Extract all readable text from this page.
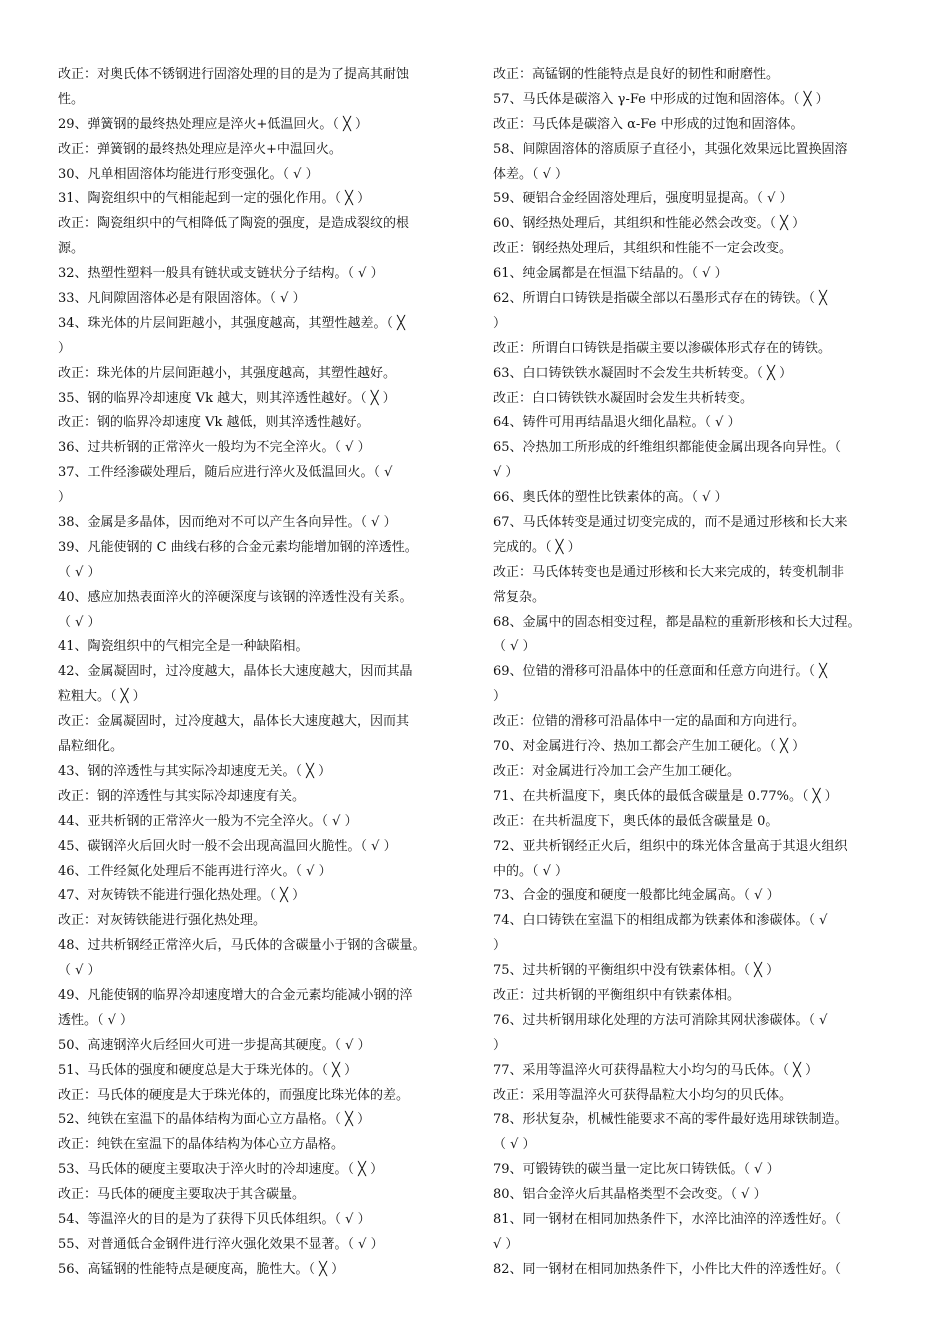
改正：对奥氏体不锈钢进行固溶处理的目的是为了提高其耐蚀
性。
29、弹簧钢的最终热处理应是淬火+低温回火。（ ╳ ）
改正：弹簧钢的最终热处理应是淬火+中温回火。
30、凡单相固溶体均能进行形变强化。（ √ ）
31、陶瓷组织中的气相能起到一定的强化作用。（ ╳ ）
改正：陶瓷组织中的气相降低了陶瓷的强度，是造成裂纹的根
源。
32、热塑性塑料一般具有链状或支链状分子结构。（ √ ）
33、凡间隙固溶体必是有限固溶体。（ √ ）
34、珠光体的片层间距越小，其强度越高，其塑性越差。（ ╳
）
改正：珠光体的片层间距越小，其强度越高，其塑性越好。
35、钢的临界冷却速度 Vk 越大，则其淬透性越好。（ ╳ ）
改正：钢的临界冷却速度 Vk 越低，则其淬透性越好。
36、过共析钢的正常淬火一般均为不完全淬火。（ √ ）
37、工件经渗碳处理后，随后应进行淬火及低温回火。（ √
）
38、金属是多晶体，因而绝对不可以产生各向异性。（ √ ）
39、凡能使钢的 C 曲线右移的合金元素均能增加钢的淬透性。
（ √ ）
40、感应加热表面淬火的淬硬深度与该钢的淬透性没有关系。
（ √ ）
41、陶瓷组织中的气相完全是一种缺陷相。
42、金属凝固时，过冷度越大，晶体长大速度越大，因而其晶
粒粗大。（ ╳ ）
改正：金属凝固时，过冷度越大，晶体长大速度越大，因而其
晶粒细化。
43、钢的淬透性与其实际冷却速度无关。（ ╳ ）
改正：钢的淬透性与其实际冷却速度有关。
44、亚共析钢的正常淬火一般为不完全淬火。（ √ ）
45、碳钢淬火后回火时一般不会出现高温回火脆性。（ √ ）
46、工件经氮化处理后不能再进行淬火。（ √ ）
47、对灰铸铁不能进行强化热处理。（ ╳ ）
改正：对灰铸铁能进行强化热处理。
48、过共析钢经正常淬火后，马氏体的含碳量小于钢的含碳量。
（ √ ）
49、凡能使钢的临界冷却速度增大的合金元素均能减小钢的淬
透性。（ √ ）
50、高速钢淬火后经回火可进一步提高其硬度。（ √ ）
51、马氏体的强度和硬度总是大于珠光体的。（ ╳ ）
改正：马氏体的硬度是大于珠光体的，而强度比珠光体的差。
52、纯铁在室温下的晶体结构为面心立方晶格。（ ╳ ）
改正：纯铁在室温下的晶体结构为体心立方晶格。
53、马氏体的硬度主要取决于淬火时的冷却速度。（ ╳ ）
改正：马氏体的硬度主要取决于其含碳量。
54、等温淬火的目的是为了获得下贝氏体组织。（ √ ）
55、对普通低合金钢件进行淬火强化效果不显著。（ √ ）
56、高锰钢的性能特点是硬度高，脆性大。（ ╳ ）
改正：高锰钢的性能特点是良好的韧性和耐磨性。
57、马氏体是碳溶入 γ-Fe 中形成的过饱和固溶体。（ ╳ ）
改正：马氏体是碳溶入 α-Fe 中形成的过饱和固溶体。
58、间隙固溶体的溶质原子直径小，其强化效果远比置换固溶
体差。（ √ ）
59、硬铝合金经固溶处理后，强度明显提高。（ √ ）
60、钢经热处理后，其组织和性能必然会改变。（ ╳ ）
改正：钢经热处理后，其组织和性能不一定会改变。
61、纯金属都是在恒温下结晶的。（ √ ）
62、所谓白口铸铁是指碳全部以石墨形式存在的铸铁。（ ╳
）
改正：所谓白口铸铁是指碳主要以渗碳体形式存在的铸铁。
63、白口铸铁铁水凝固时不会发生共析转变。（ ╳ ）
改正：白口铸铁铁水凝固时会发生共析转变。
64、铸件可用再结晶退火细化晶粒。（ √ ）
65、冷热加工所形成的纤维组织都能使金属出现各向异性。（
√ ）
66、奥氏体的塑性比铁素体的高。（ √ ）
67、马氏体转变是通过切变完成的，而不是通过形核和长大来
完成的。（ ╳ ）
改正：马氏体转变也是通过形核和长大来完成的，转变机制非
常复杂。
68、金属中的固态相变过程，都是晶粒的重新形核和长大过程。
（ √ ）
69、位错的滑移可沿晶体中的任意面和任意方向进行。（ ╳
）
改正：位错的滑移可沿晶体中一定的晶面和方向进行。
70、对金属进行冷、热加工都会产生加工硬化。（ ╳ ）
改正：对金属进行冷加工会产生加工硬化。
71、在共析温度下，奥氏体的最低含碳量是 0.77%。（ ╳ ）
改正：在共析温度下，奥氏体的最低含碳量是 0。
72、亚共析钢经正火后，组织中的珠光体含量高于其退火组织
中的。（ √ ）
73、合金的强度和硬度一般都比纯金属高。（ √ ）
74、白口铸铁在室温下的相组成都为铁素体和渗碳体。（ √
）
75、过共析钢的平衡组织中没有铁素体相。（ ╳ ）
改正：过共析钢的平衡组织中有铁素体相。
76、过共析钢用球化处理的方法可消除其网状渗碳体。（ √
）
77、采用等温淬火可获得晶粒大小均匀的马氏体。（ ╳ ）
改正：采用等温淬火可获得晶粒大小均匀的贝氏体。
78、形状复杂，机械性能要求不高的零件最好选用球铁制造。
（ √ ）
79、可锻铸铁的碳当量一定比灰口铸铁低。（ √ ）
80、铝合金淬火后其晶格类型不会改变。（ √ ）
81、同一钢材在相同加热条件下，水淬比油淬的淬透性好。（
√ ）
82、同一钢材在相同加热条件下，小件比大件的淬透性好。（
